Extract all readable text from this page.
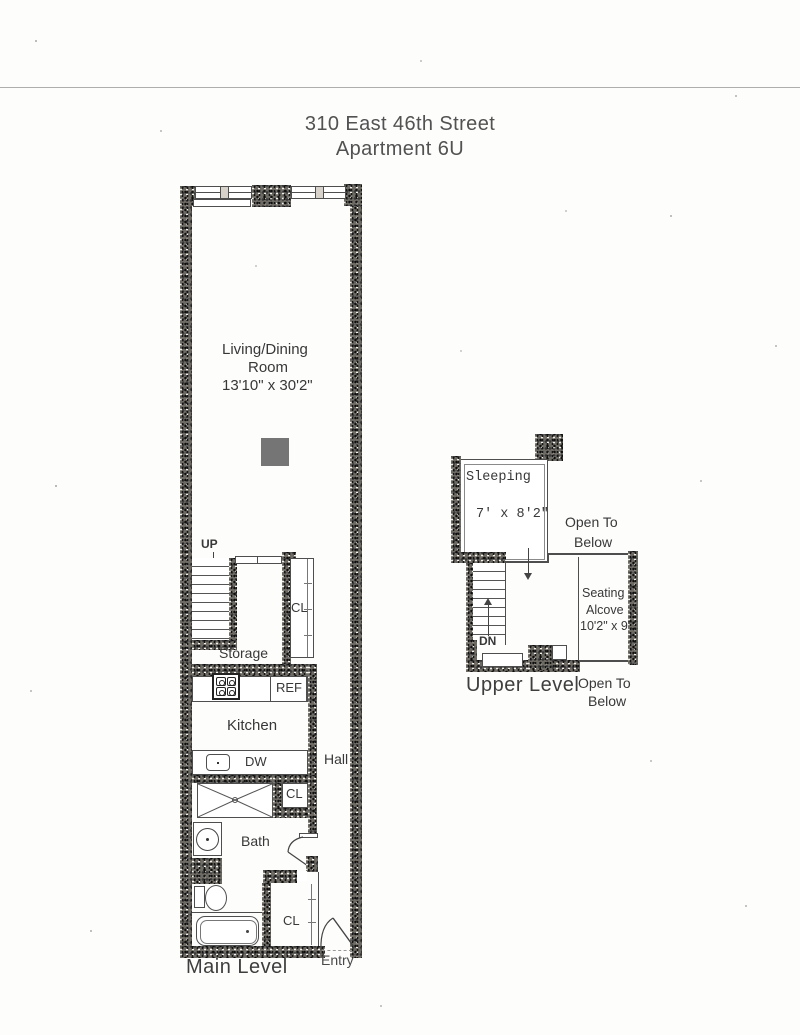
310 East 46th Street
Apartment 6U
Living/Dining
Room
13'10" x 30'2"
UP
CL
Storage
REF
Kitchen
DW	Hall
CL
Bath
CL
Entry
Main Level
Sleeping
7' x 8'2" Open To
Below
DN
Seating
Alcove
10'2" x 9'
Upper Level
Open To
Below
